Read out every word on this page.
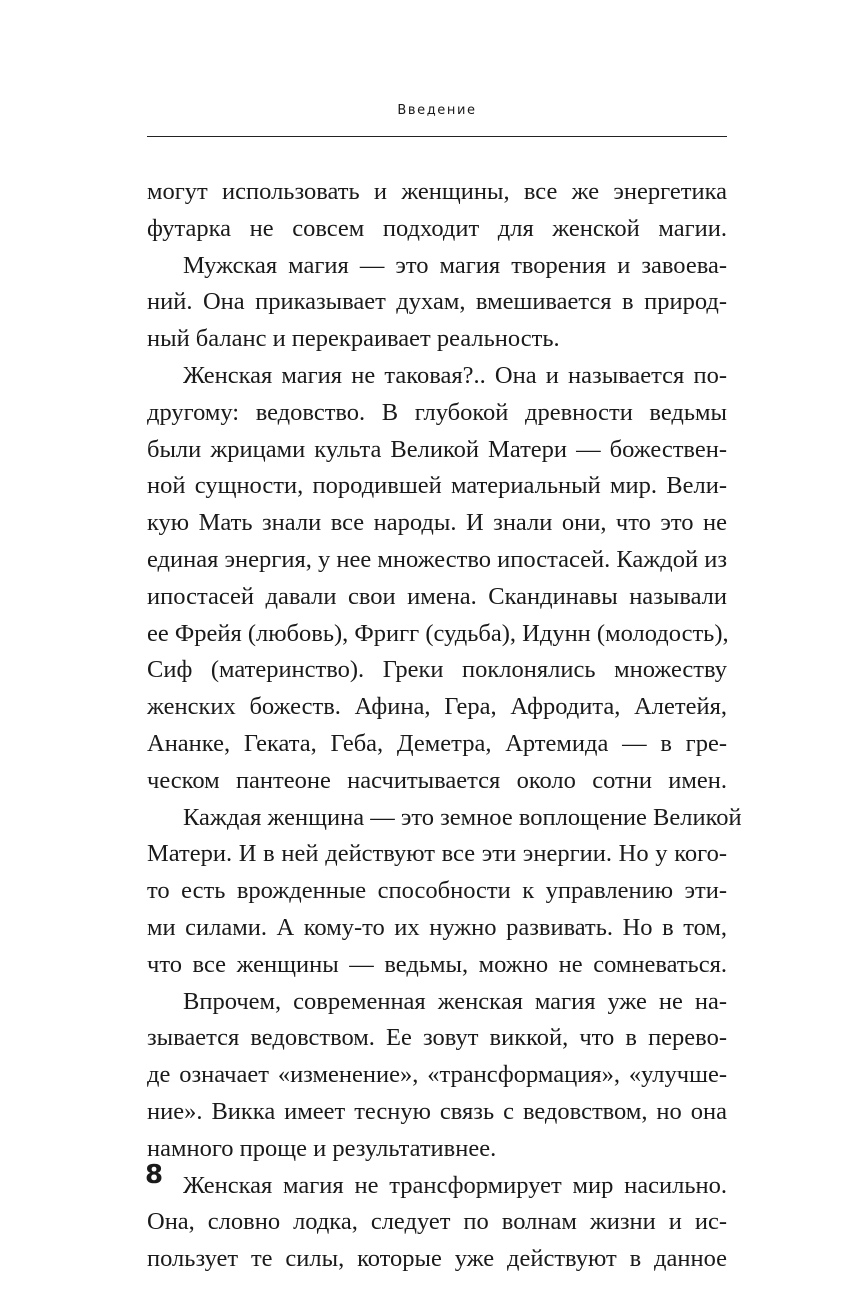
Введение

могут использовать и женщины, все же энергетика
футарка не совсем подходит для женской магии.

Мужская магия — это магия творения и завоева-
ний. Она приказывает духам, вмешивается в природ-
ный баланс и перекраивает реальность.

Женская магия не таковая?.. Она и называется по-
другому: ведовство. В глубокой древности ведьмы
были жрицами культа Великой Матери — божествен-
ной сущности, породившей материальный мир. Вели-
кую Мать знали все народы. И знали они, что это не
единая энергия, у нее множество ипостасей. Каждой из
ипостасей давали свои имена. Скандинавы называли
ее Фрейя (любовь), Фригг (судьба), Идунн (молодость),
Сиф (материнство). Греки поклонялись множеству
женских божеств. Афина, Гера, Афродита, Алетейя,
Ананке, Геката, Геба, Деметра, Артемида — в гре-
ческом пантеоне насчитывается около сотни имен.

Каждая женщина — это земное воплощение Великой
Матери. И в ней действуют все эти энергии. Но у кого-
то есть врожденные способности к управлению эти-
ми силами. А кому-то их нужно развивать. Но в том,
что все женщины — ведьмы, можно не сомневаться.

Впрочем, современная женская магия уже не на-
зывается ведовством. Ее зовут виккой, что в перево-
де означает «изменение», «трансформация», «улучше-
ние». Викка имеет тесную связь с ведовством, но она
намного проще и результативнее.

Женская магия не трансформирует мир насильно.
Она, словно лодка, следует по волнам жизни и ис-
пользует те силы, которые уже действуют в данное

8
